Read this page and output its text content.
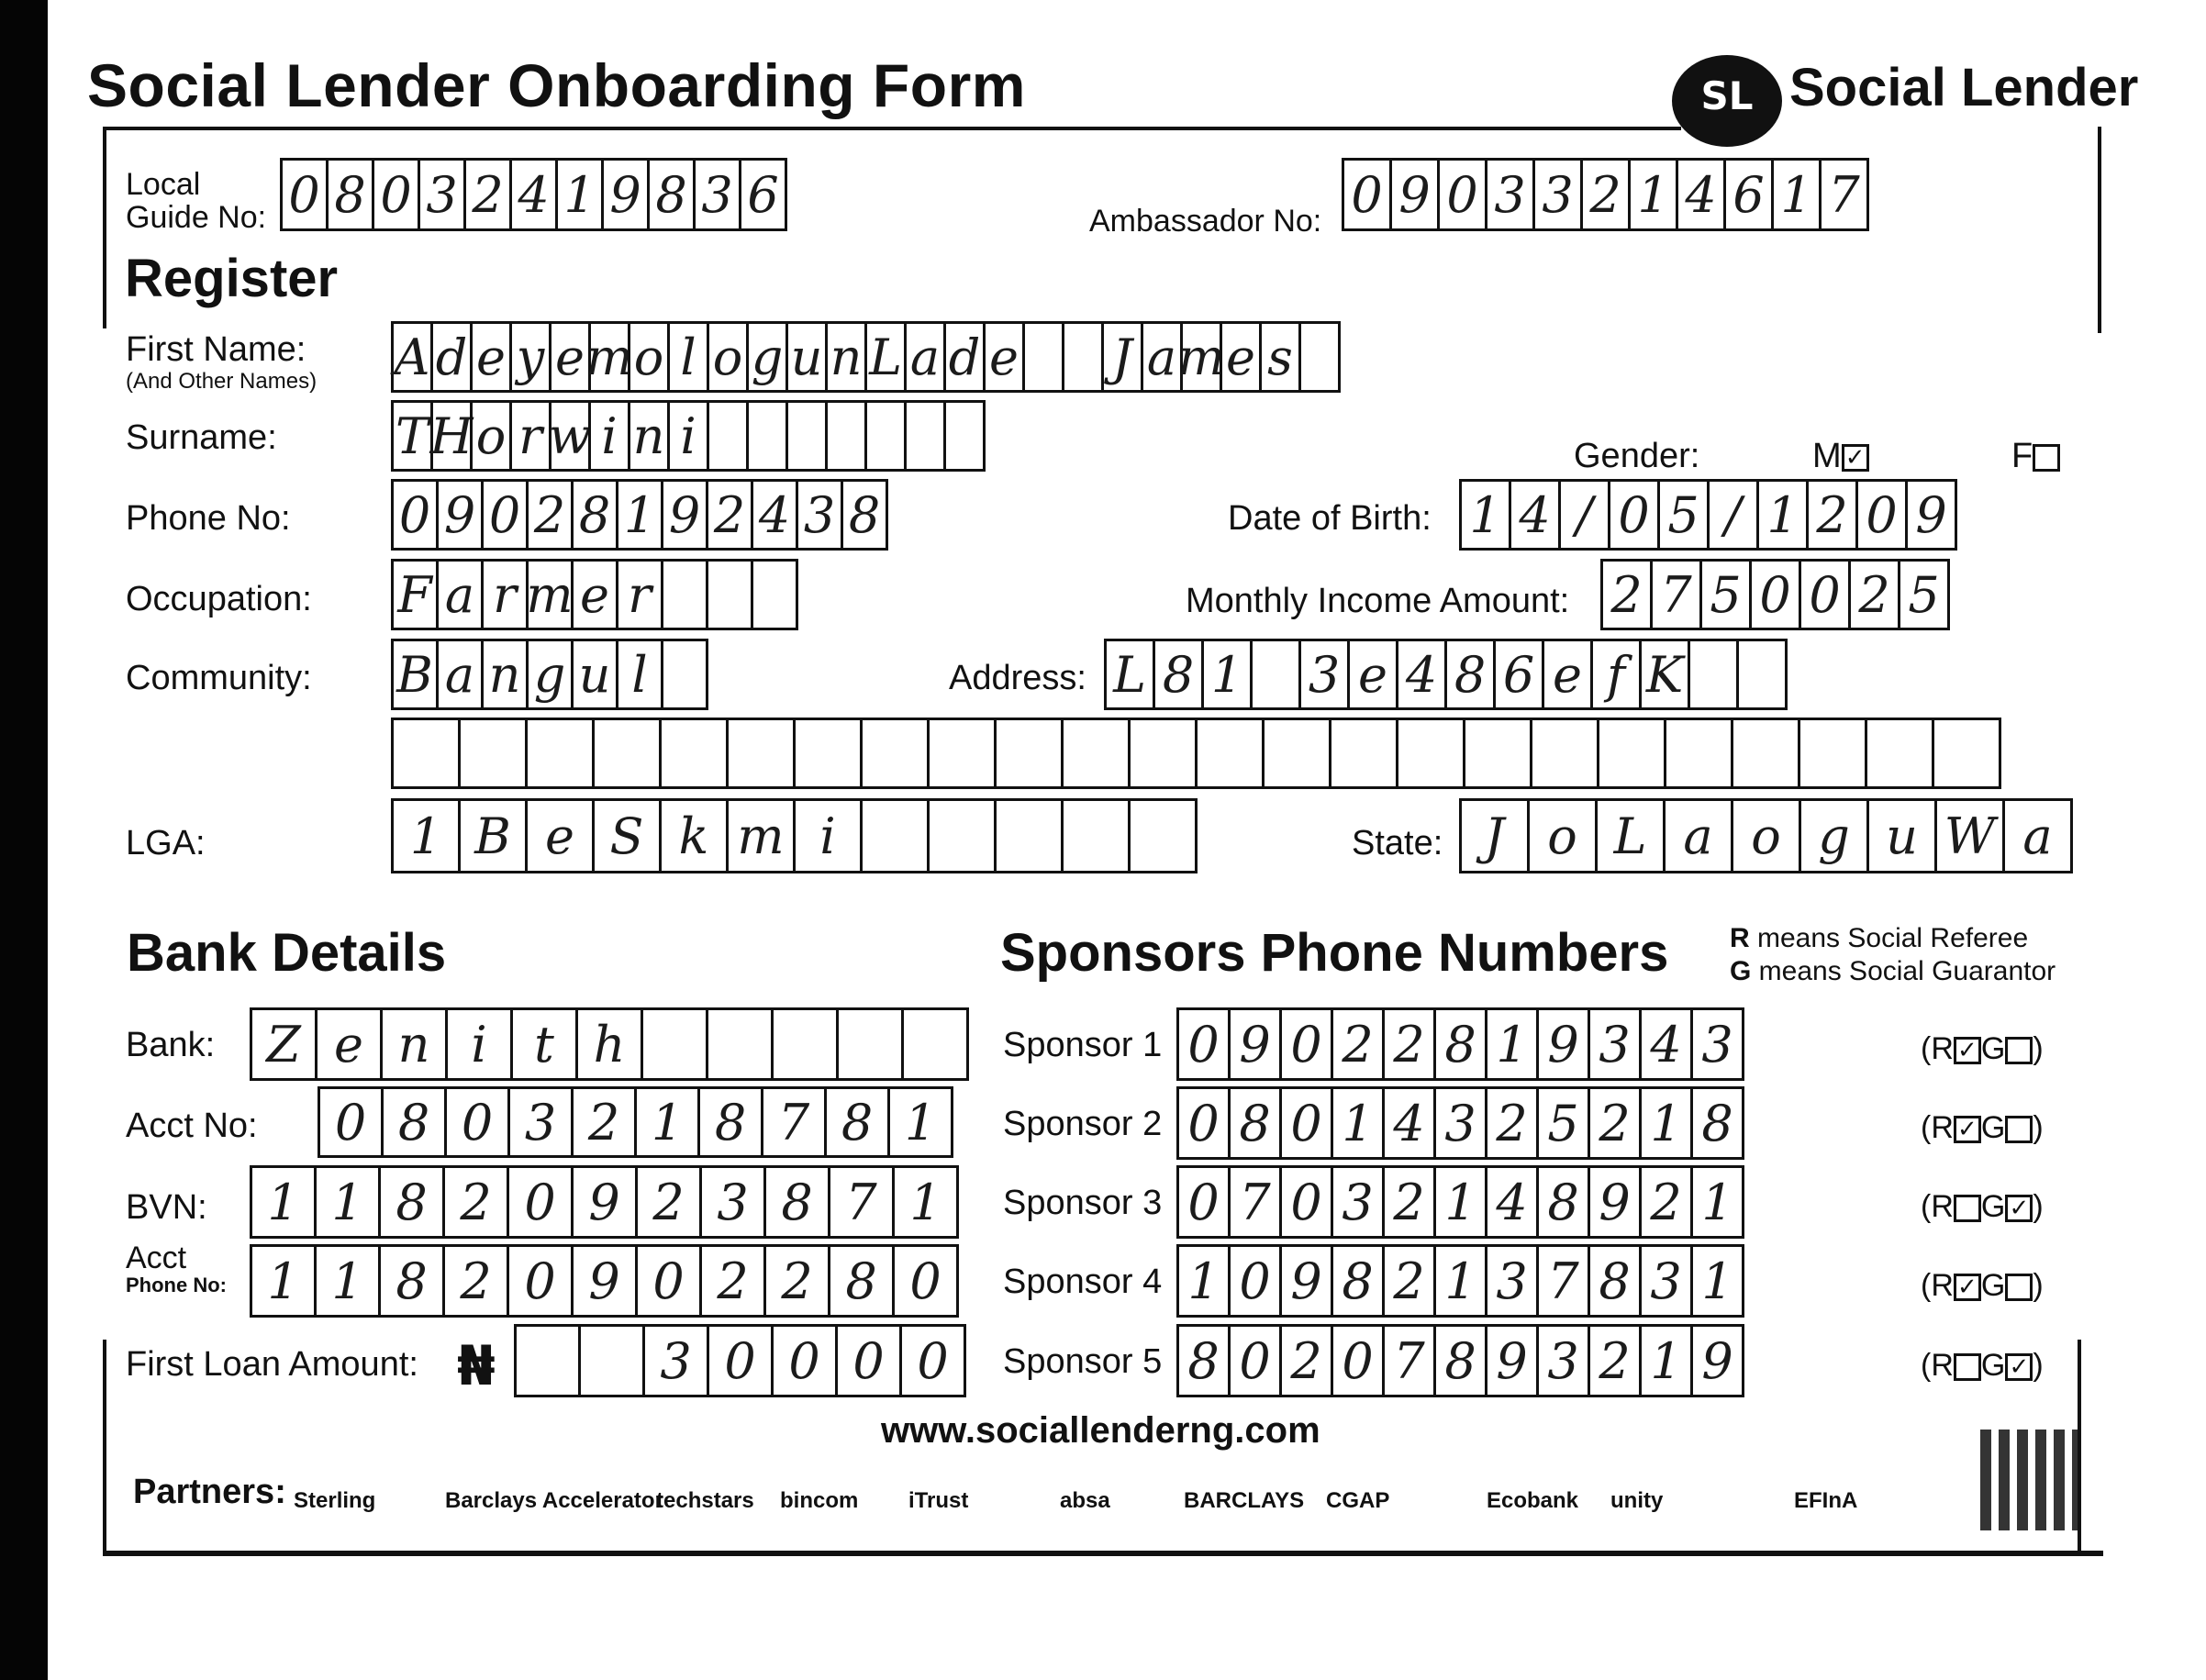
Social Lender Onboarding Form	SL Social Lender
Local
Guide No: 0 8 0 3 2 4 1 9 8 3 6	Ambassador No: 0 9 0 3 3 2 1 4 6 1 7
Register
First Name:
(And Other Names) A d e y e m o l o g u n L a d e J a m e s
Surname: T H o r w i n i	Gender:	M ✓	F
Phone No: 0 9 0 2 8 1 9 2 4 3 8	Date of Birth: 1 4 / 0 5 / 1 2 0 9
Occupation: F a r m e r	Monthly Income Amount: 2 7 5 0 0 2 5
Community: B a n g u l	Address: L 8 1 3 e 4 8 6 e f K
LGA:	1 B e S k m i	State: J o L a o g u W a
Bank Details
Bank:	Z e n i t h
Acct No:	0 8 0 3 2 1 8 7 8 1
BVN:	1 1 8 2 0 9 2 3 8 7 1
Acct
Phone No: 1 1 8 2 0 9 0 2 2 8 0
First Loan Amount: ₦	3 0 0 0 0
Sponsors Phone Numbers R means Social Referee
G means Social Guarantor
Sponsor 1 0 9 0 2 2 8 1 9 3 4 3	(R ✓ G )
Sponsor 2 0 8 0 1 4 3 2 5 2 1 8	(R ✓ G )
Sponsor 3 0 7 0 3 2 1 4 8 9 2 1	(R G ✓ )
Sponsor 4 1 0 9 8 2 1 3 7 8 3 1	(R ✓ G )
Sponsor 5 8 0 2 0 7 8 9 3 2 1 9	(R G ✓ )
www.sociallenderng.com
Partners: Sterling	Barclays Accelerator
techstars bincom iTrust	absa	BARCLAYS CGAP	Ecobank unity	EFInA
